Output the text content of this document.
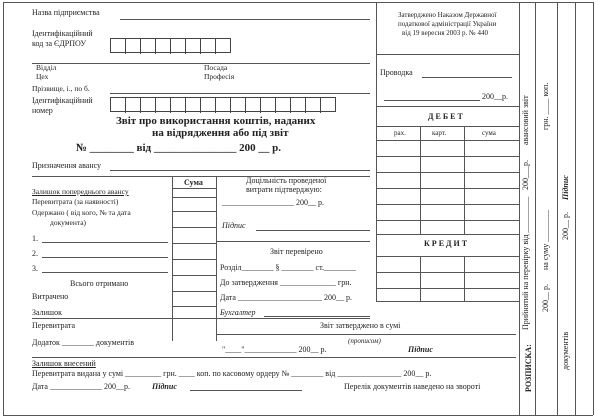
Назва підприємства
Ідентифікаційний
код за ЄДРПОУ
Відділ	Посада
Цех	Професія
Прізвище, і., по б.
Ідентифікаційний
номер
Звіт про використання коштів, наданих
на відрядження або під звіт
№ ________ від _______________ 200 __ р.
Призначення авансу
Сума
Залишок попереднього авансу
Перевитрата (за наявності)
Одержано ( від кого, № та дата
документа)
1.
2.
3.
Всього отримано
Витрачено
Залишок
Перевитрата
Додаток ________ документів
Доцільність проведеної
витрати підтверджую:
__________________ 200__ р.
Підпис
Звіт перевірено
Розділ________ § ________ ст.________
До затвердження ______________ грн.
Дата _____________________ 200__ р.
Бухгалтер
Звіт затверджено в сумі
(прописом)
"____"_____________ 200__ р.	Підпис
Залишок внесений
Перевитрата видана у сумі _________ грн. ____ коп. по касовому ордеру № ________ від ________________ 200__ р.
Дата _____________ 200__р.	Підпис	Перелік документів наведено на звороті
Затверджено Наказом Державної
податкової адміністрації України
від 19 вересня 2003 р. № 440
Проводка
200__р.
Д Е Б Е Т
рах.	карт.	сума
К Р Е Д И Т	Прийнятий на перевірку від _________
200___р.
авансовий звіт
на суму ________
грн. ____ коп.
200__ р.
Підпис
200__ р.
документів
РОЗПИСКА:
